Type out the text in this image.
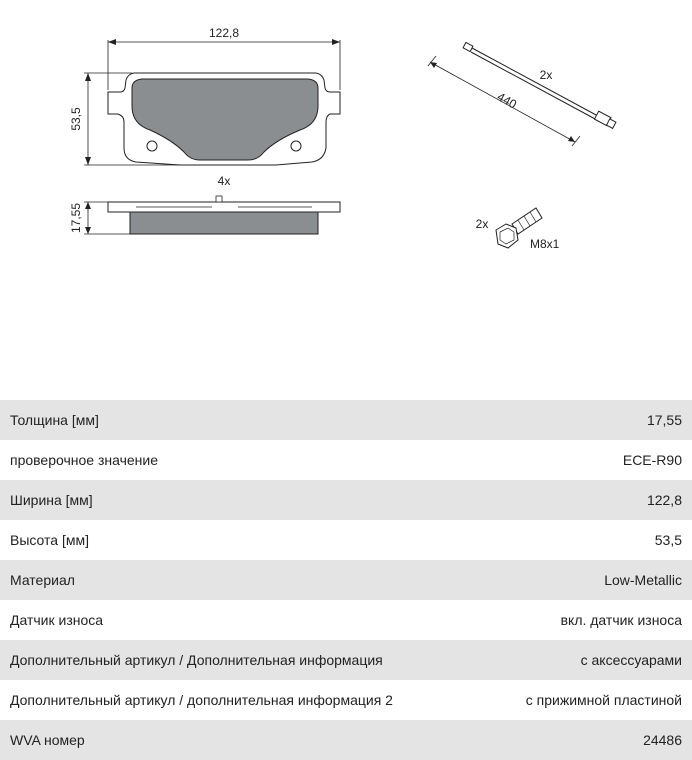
122,8
53,5
4x
17,55
440
2x
2x
M8x1
Толщина [мм]	17,55
проверочное значение	ECE-R90
Ширина [мм]	122,8
Высота [мм]	53,5
Материал	Low-Metallic
Датчик износа	вкл. датчик износа
Дополнительный артикул / Дополнительная информация	с аксессуарами
Дополнительный артикул / дополнительная информация 2	с прижимной пластиной
WVA номер	24486
